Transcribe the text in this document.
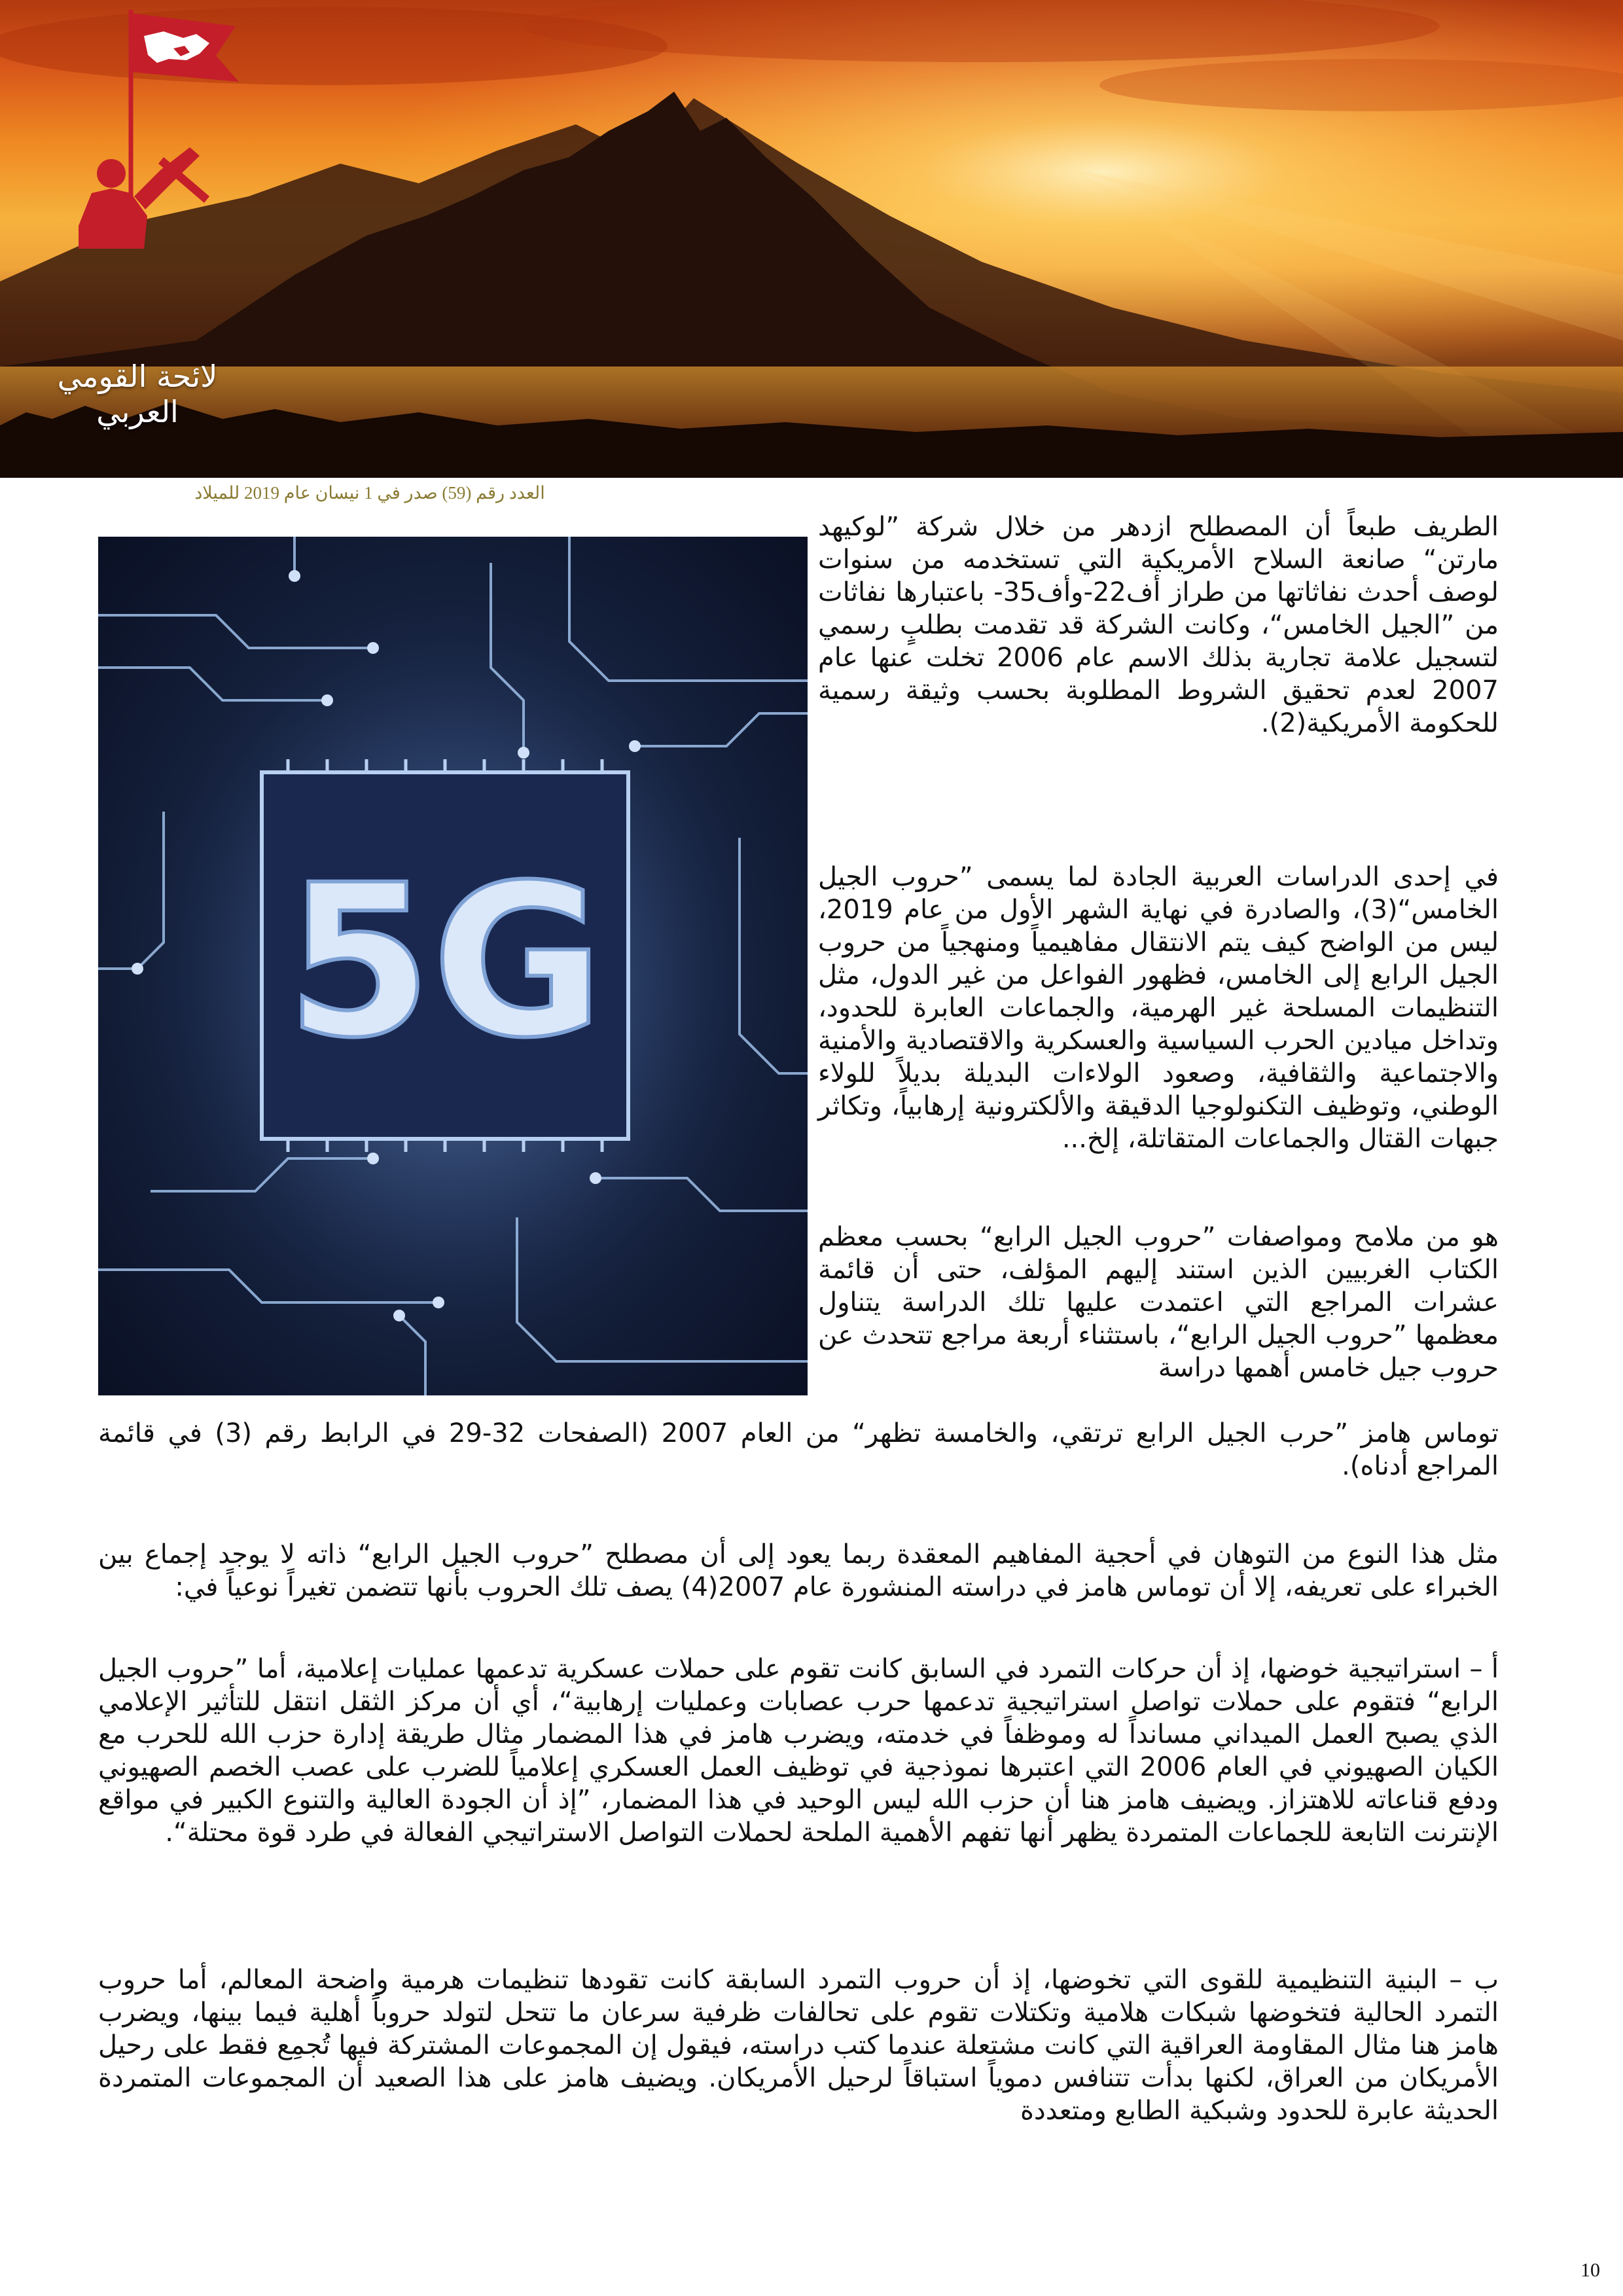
لائحة القومي العربي
العدد رقم (59) صدر في 1 نيسان عام 2019 للميلاد
5G

الطريف طبعاً أن المصطلح ازدهر من خلال شركة ”لوكيهد مارتن“ صانعة السلاح الأمريكية التي تستخدمه من سنوات لوصف أحدث نفاثاتها من طراز أف22-وأف35- باعتبارها نفاثات من ”الجيل الخامس“، وكانت الشركة قد تقدمت بطلبٍ رسمي لتسجيل علامة تجارية بذلك الاسم عام 2006 تخلت عنها عام 2007 لعدم تحقيق الشروط المطلوبة بحسب وثيقة رسمية للحكومة الأمريكية(2).

في إحدى الدراسات العربية الجادة لما يسمى ”حروب الجيل الخامس“(3)، والصادرة في نهاية الشهر الأول من عام 2019، ليس من الواضح كيف يتم الانتقال مفاهيمياً ومنهجياً من حروب الجيل الرابع إلى الخامس، فظهور الفواعل من غير الدول، مثل التنظيمات المسلحة غير الهرمية، والجماعات العابرة للحدود، وتداخل ميادين الحرب السياسية والعسكرية والاقتصادية والأمنية والاجتماعية والثقافية، وصعود الولاءات البديلة بديلاً للولاء الوطني، وتوظيف التكنولوجيا الدقيقة والألكترونية إرهابياً، وتكاثر جبهات القتال والجماعات المتقاتلة، إلخ...

هو من ملامح ومواصفات ”حروب الجيل الرابع“ بحسب معظم الكتاب الغربيين الذين استند إليهم المؤلف، حتى أن قائمة عشرات المراجع التي اعتمدت عليها تلك الدراسة يتناول معظمها ”حروب الجيل الرابع“، باستثناء أربعة مراجع تتحدث عن حروب جيل خامس أهمها دراسة

توماس هامز ”حرب الجيل الرابع ترتقي، والخامسة تظهر“ من العام 2007 (الصفحات 32-29 في الرابط رقم (3) في قائمة المراجع أدناه).

مثل هذا النوع من التوهان في أحجية المفاهيم المعقدة ربما يعود إلى أن مصطلح ”حروب الجيل الرابع“ ذاته لا يوجد إجماع بين الخبراء على تعريفه، إلا أن توماس هامز في دراسته المنشورة عام 2007(4) يصف تلك الحروب بأنها تتضمن تغيراً نوعياً في:

أ – استراتيجية خوضها، إذ أن حركات التمرد في السابق كانت تقوم على حملات عسكرية تدعمها عمليات إعلامية، أما ”حروب الجيل الرابع“ فتقوم على حملات تواصل استراتيجية تدعمها حرب عصابات وعمليات إرهابية“، أي أن مركز الثقل انتقل للتأثير الإعلامي الذي يصبح العمل الميداني مسانداً له وموظفاً في خدمته، ويضرب هامز في هذا المضمار مثال طريقة إدارة حزب الله للحرب مع الكيان الصهيوني في العام 2006 التي اعتبرها نموذجية في توظيف العمل العسكري إعلامياً للضرب على عصب الخصم الصهيوني ودفع قناعاته للاهتزاز. ويضيف هامز هنا أن حزب الله ليس الوحيد في هذا المضمار، ”إذ أن الجودة العالية والتنوع الكبير في مواقع الإنترنت التابعة للجماعات المتمردة يظهر أنها تفهم الأهمية الملحة لحملات التواصل الاستراتيجي الفعالة في طرد قوة محتلة“.

ب – البنية التنظيمية للقوى التي تخوضها، إذ أن حروب التمرد السابقة كانت تقودها تنظيمات هرمية واضحة المعالم، أما حروب التمرد الحالية فتخوضها شبكات هلامية وتكتلات تقوم على تحالفات ظرفية سرعان ما تتحل لتولد حروباً أهلية فيما بينها، ويضرب هامز هنا مثال المقاومة العراقية التي كانت مشتعلة عندما كتب دراسته، فيقول إن المجموعات المشتركة فيها تُجمِع فقط على رحيل الأمريكان من العراق، لكنها بدأت تتنافس دموياً استباقاً لرحيل الأمريكان. ويضيف هامز على هذا الصعيد أن المجموعات المتمردة الحديثة عابرة للحدود وشبكية الطابع ومتعددة

10
